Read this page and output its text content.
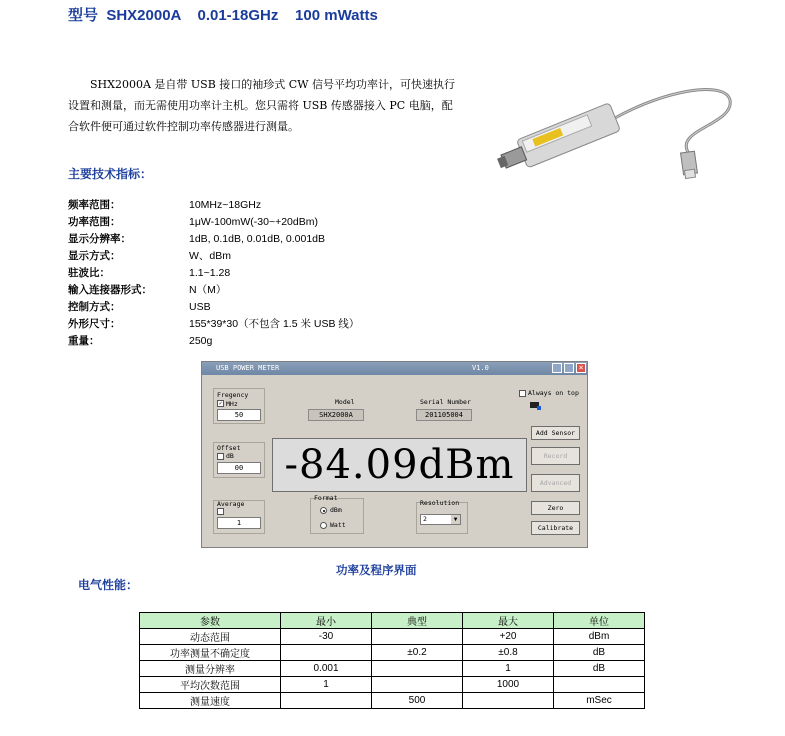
型号  SHX2000A    0.01-18GHz    100 mWatts
SHX2000A 是自带 USB 接口的袖珍式 CW 信号平均功率计，可快速执行设置和测量，而无需使用功率计主机。您只需将 USB 传感器接入 PC 电脑，配合软件便可通过软件控制功率传感器进行测量。
主要技术指标：
频率范围：	10MHz~18GHz
功率范围：	1μW-100mW(-30~+20dBm)
显示分辨率：	1dB, 0.1dB, 0.01dB, 0.001dB
显示方式：	W、dBm
驻波比：	1.1~1.28
输入连接器形式：	N（M）
控制方式：	USB
外形尺寸：	155*39*30（不包含 1.5 米 USB 线）
重量：	250g
USB POWER METER	V1.0	×
Fregency
✓ MHz
50
Offset
dB
00
Average
1
Model
SHX2000A
Serial Number
201105004
-84.09dBm
Format
dBm
Watt
Resolution
2	▼
Always on top
Add Sensor
Record
Advanced
Zero
Calibrate
功率及程序界面
电气性能：
参数	最小	典型	最大	单位
动态范围	-30		+20	dBm
功率测量不确定度		±0.2	±0.8	dB
测量分辨率	0.001		1	dB
平均次数范围	1		1000	
测量速度		500		mSec
